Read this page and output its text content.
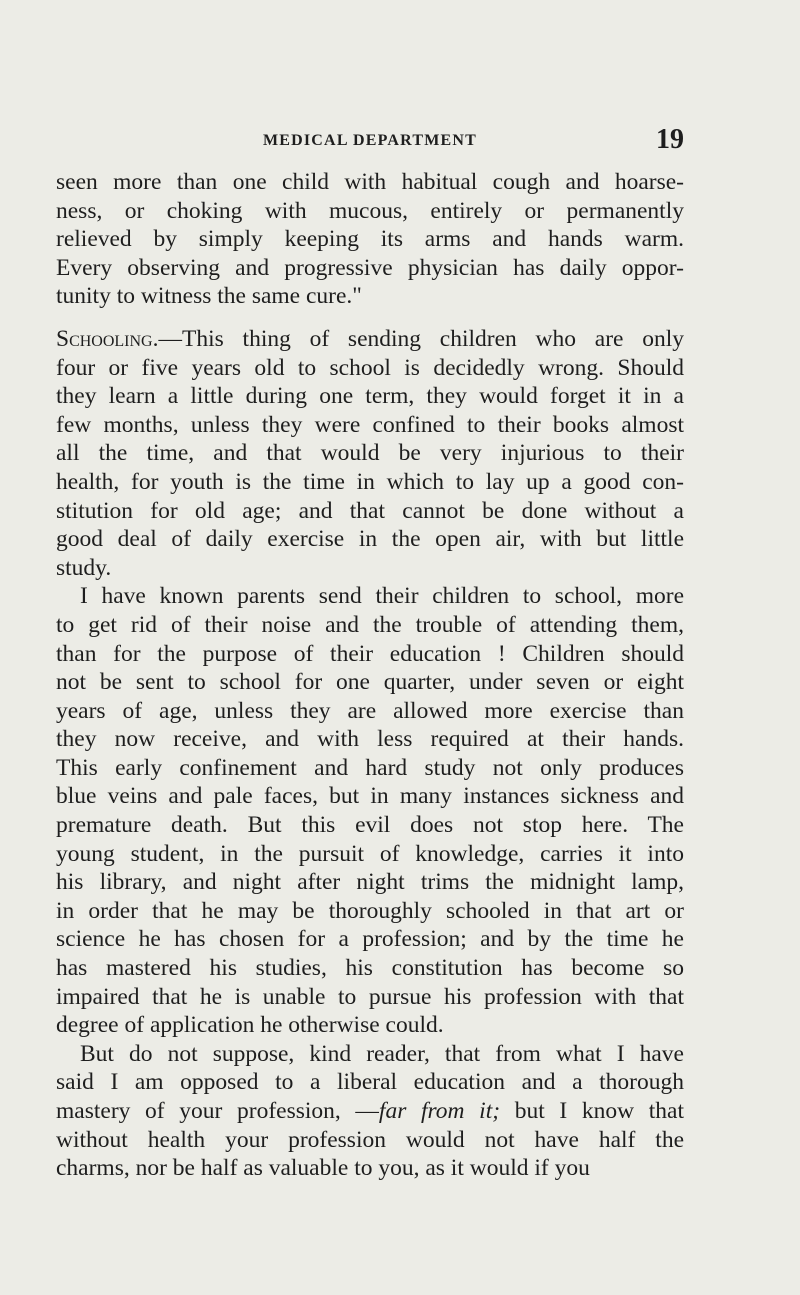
MEDICAL DEPARTMENT	19
seen more than one child with habitual cough and hoarse-
ness, or choking with mucous, entirely or permanently
relieved by simply keeping its arms and hands warm.
Every observing and progressive physician has daily oppor-
tunity to witness the same cure."
Schooling.—This thing of sending children who are only
four or five years old to school is decidedly wrong. Should
they learn a little during one term, they would forget it in a
few months, unless they were confined to their books almost
all the time, and that would be very injurious to their
health, for youth is the time in which to lay up a good con-
stitution for old age; and that cannot be done without a
good deal of daily exercise in the open air, with but little
study.
I have known parents send their children to school, more
to get rid of their noise and the trouble of attending them,
than for the purpose of their education ! Children should
not be sent to school for one quarter, under seven or eight
years of age, unless they are allowed more exercise than
they now receive, and with less required at their hands.
This early confinement and hard study not only produces
blue veins and pale faces, but in many instances sickness and
premature death. But this evil does not stop here. The
young student, in the pursuit of knowledge, carries it into
his library, and night after night trims the midnight lamp,
in order that he may be thoroughly schooled in that art or
science he has chosen for a profession; and by the time he
has mastered his studies, his constitution has become so
impaired that he is unable to pursue his profession with that
degree of application he otherwise could.
But do not suppose, kind reader, that from what I have
said I am opposed to a liberal education and a thorough
mastery of your profession, —far from it; but I know that
without health your profession would not have half the
charms, nor be half as valuable to you, as it would if you
